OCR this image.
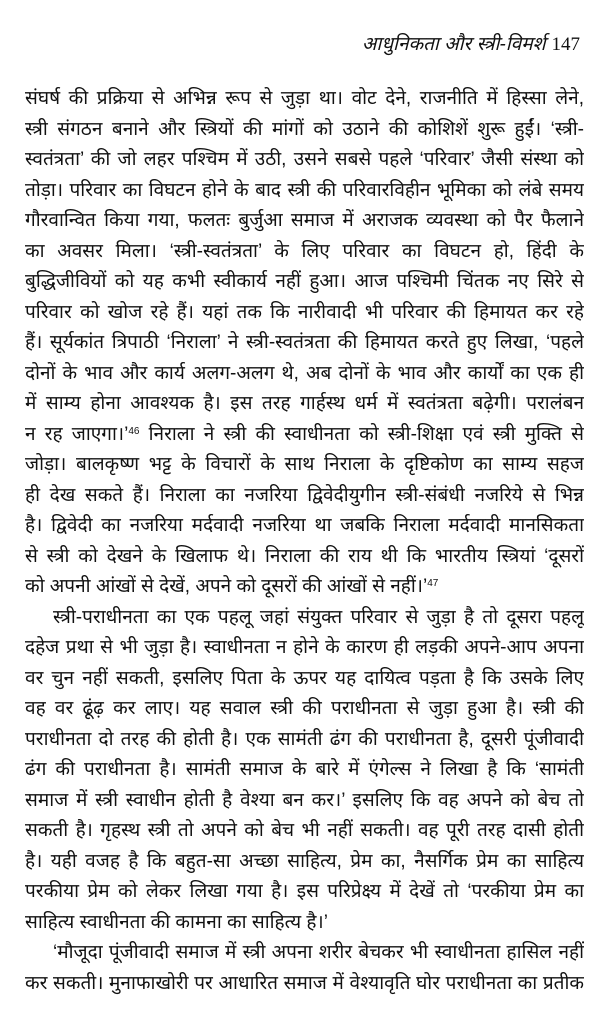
आधुनिकता और स्त्री-विमर्श 147
संघर्ष की प्रक्रिया से अभिन्न रूप से जुड़ा था। वोट देने, राजनीति में हिस्सा लेने,
स्त्री संगठन बनाने और स्त्रियों की मांगों को उठाने की कोशिशें शुरू हुईं। ‘स्त्री-
स्वतंत्रता’ की जो लहर पश्चिम में उठी, उसने सबसे पहले ‘परिवार’ जैसी संस्था को
तोड़ा। परिवार का विघटन होने के बाद स्त्री की परिवारविहीन भूमिका को लंबे समय
गौरवान्वित किया गया, फलतः बुर्जुआ समाज में अराजक व्यवस्था को पैर फैलाने
का अवसर मिला। ‘स्त्री-स्वतंत्रता’ के लिए परिवार का विघटन हो, हिंदी के
बुद्धिजीवियों को यह कभी स्वीकार्य नहीं हुआ। आज पश्चिमी चिंतक नए सिरे से
परिवार को खोज रहे हैं। यहां तक कि नारीवादी भी परिवार की हिमायत कर रहे
हैं। सूर्यकांत त्रिपाठी ‘निराला’ ने स्त्री-स्वतंत्रता की हिमायत करते हुए लिखा, ‘पहले
दोनों के भाव और कार्य अलग-अलग थे, अब दोनों के भाव और कार्यों का एक ही
में साम्य होना आवश्यक है। इस तरह गार्हस्थ धर्म में स्वतंत्रता बढ़ेगी। परालंबन
न रह जाएगा।’$^{46}$ निराला ने स्त्री की स्वाधीनता को स्त्री-शिक्षा एवं स्त्री मुक्ति से
जोड़ा। बालकृष्ण भट्ट के विचारों के साथ निराला के दृष्टिकोण का साम्य सहज
ही देख सकते हैं। निराला का नजरिया द्विवेदीयुगीन स्त्री-संबंधी नजरिये से भिन्न
है। द्विवेदी का नजरिया मर्दवादी नजरिया था जबकि निराला मर्दवादी मानसिकता
से स्त्री को देखने के खिलाफ थे। निराला की राय थी कि भारतीय स्त्रियां ‘दूसरों
को अपनी आंखों से देखें, अपने को दूसरों की आंखों से नहीं।’$^{47}$
स्त्री-पराधीनता का एक पहलू जहां संयुक्त परिवार से जुड़ा है तो दूसरा पहलू
दहेज प्रथा से भी जुड़ा है। स्वाधीनता न होने के कारण ही लड़की अपने-आप अपना
वर चुन नहीं सकती, इसलिए पिता के ऊपर यह दायित्व पड़ता है कि उसके लिए
वह वर ढूंढ़ कर लाए। यह सवाल स्त्री की पराधीनता से जुड़ा हुआ है। स्त्री की
पराधीनता दो तरह की होती है। एक सामंती ढंग की पराधीनता है, दूसरी पूंजीवादी
ढंग की पराधीनता है। सामंती समाज के बारे में एंगेल्स ने लिखा है कि ‘सामंती
समाज में स्त्री स्वाधीन होती है वेश्या बन कर।’ इसलिए कि वह अपने को बेच तो
सकती है। गृहस्थ स्त्री तो अपने को बेच भी नहीं सकती। वह पूरी तरह दासी होती
है। यही वजह है कि बहुत-सा अच्छा साहित्य, प्रेम का, नैसर्गिक प्रेम का साहित्य
परकीया प्रेम को लेकर लिखा गया है। इस परिप्रेक्ष्य में देखें तो ‘परकीया प्रेम का
साहित्य स्वाधीनता की कामना का साहित्य है।’
‘मौजूदा पूंजीवादी समाज में स्त्री अपना शरीर बेचकर भी स्वाधीनता हासिल नहीं
कर सकती। मुनाफाखोरी पर आधारित समाज में वेश्यावृति घोर पराधीनता का प्रतीक
